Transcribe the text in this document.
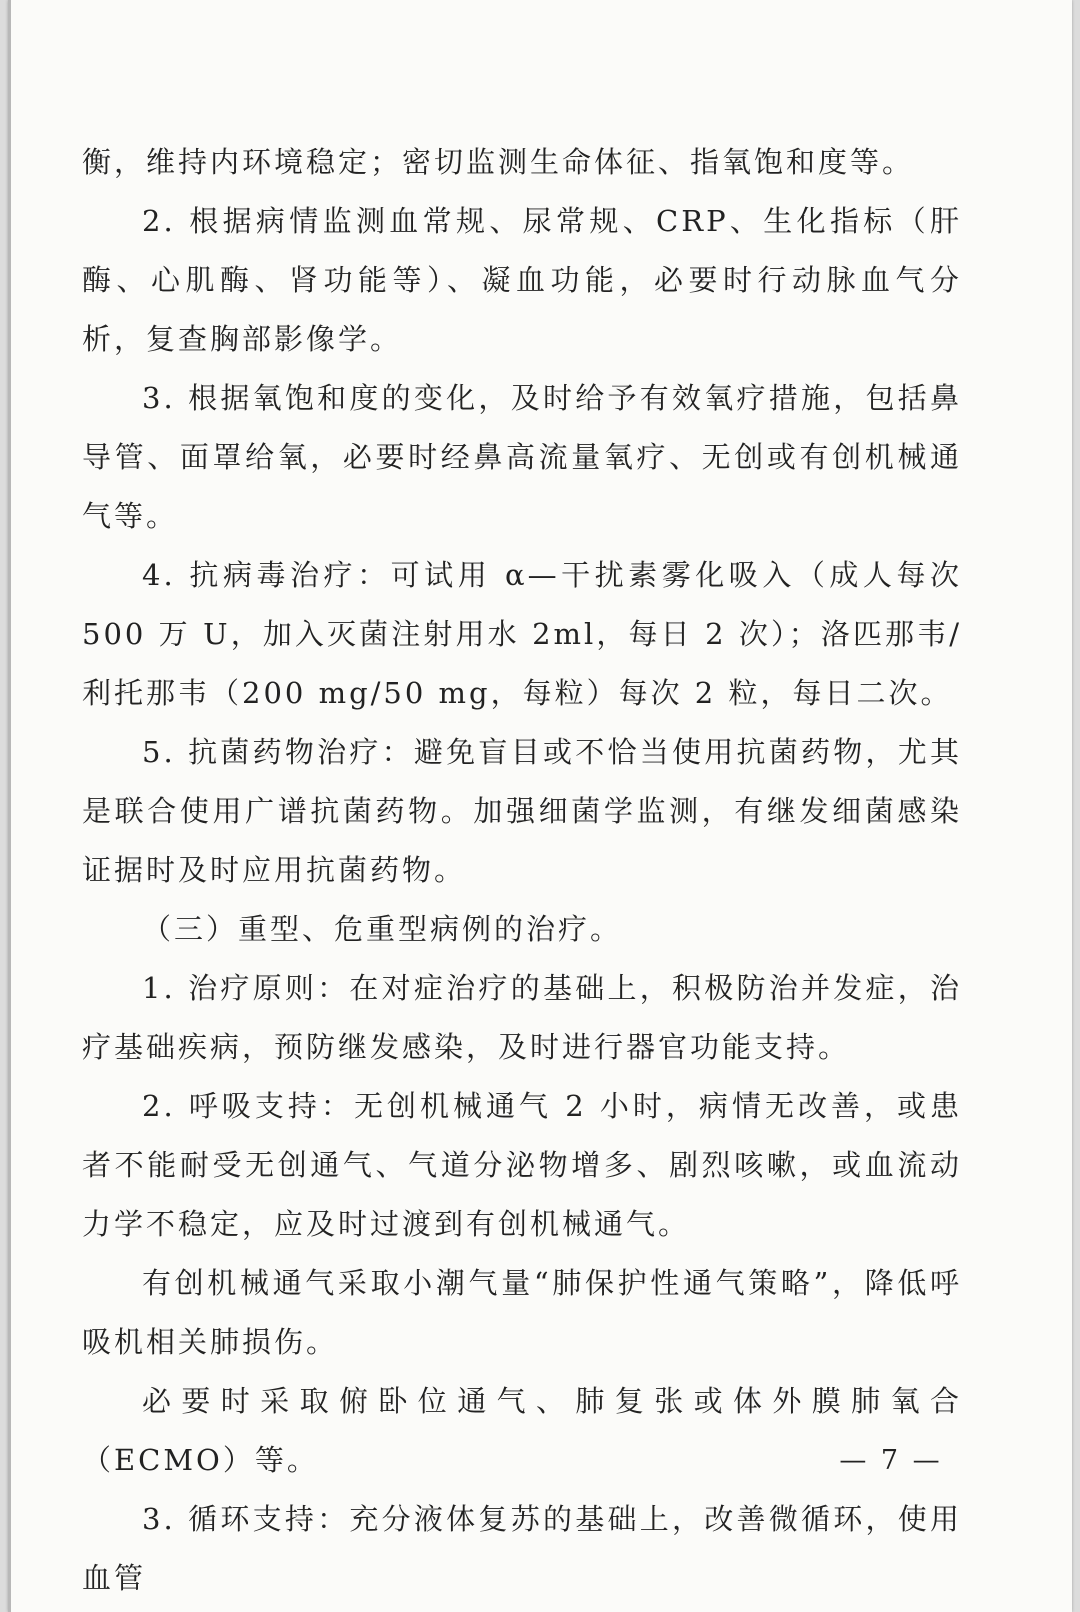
衡，维持内环境稳定；密切监测生命体征、指氧饱和度等。

2. 根据病情监测血常规、尿常规、CRP、生化指标（肝酶、心肌酶、肾功能等）、凝血功能，必要时行动脉血气分析，复查胸部影像学。

3. 根据氧饱和度的变化，及时给予有效氧疗措施，包括鼻导管、面罩给氧，必要时经鼻高流量氧疗、无创或有创机械通气等。

4. 抗病毒治疗：可试用 α—干扰素雾化吸入（成人每次 500 万 U，加入灭菌注射用水 2ml，每日 2 次）；洛匹那韦/利托那韦（200 mg/50 mg，每粒）每次 2 粒，每日二次。

5. 抗菌药物治疗：避免盲目或不恰当使用抗菌药物，尤其是联合使用广谱抗菌药物。加强细菌学监测，有继发细菌感染证据时及时应用抗菌药物。

（三）重型、危重型病例的治疗。

1. 治疗原则：在对症治疗的基础上，积极防治并发症，治疗基础疾病，预防继发感染，及时进行器官功能支持。

2. 呼吸支持：无创机械通气 2 小时，病情无改善，或患者不能耐受无创通气、气道分泌物增多、剧烈咳嗽，或血流动力学不稳定，应及时过渡到有创机械通气。

有创机械通气采取小潮气量“肺保护性通气策略”，降低呼吸机相关肺损伤。

必要时采取俯卧位通气、肺复张或体外膜肺氧合（ECMO）等。

3. 循环支持：充分液体复苏的基础上，改善微循环，使用血管

— 7 —
